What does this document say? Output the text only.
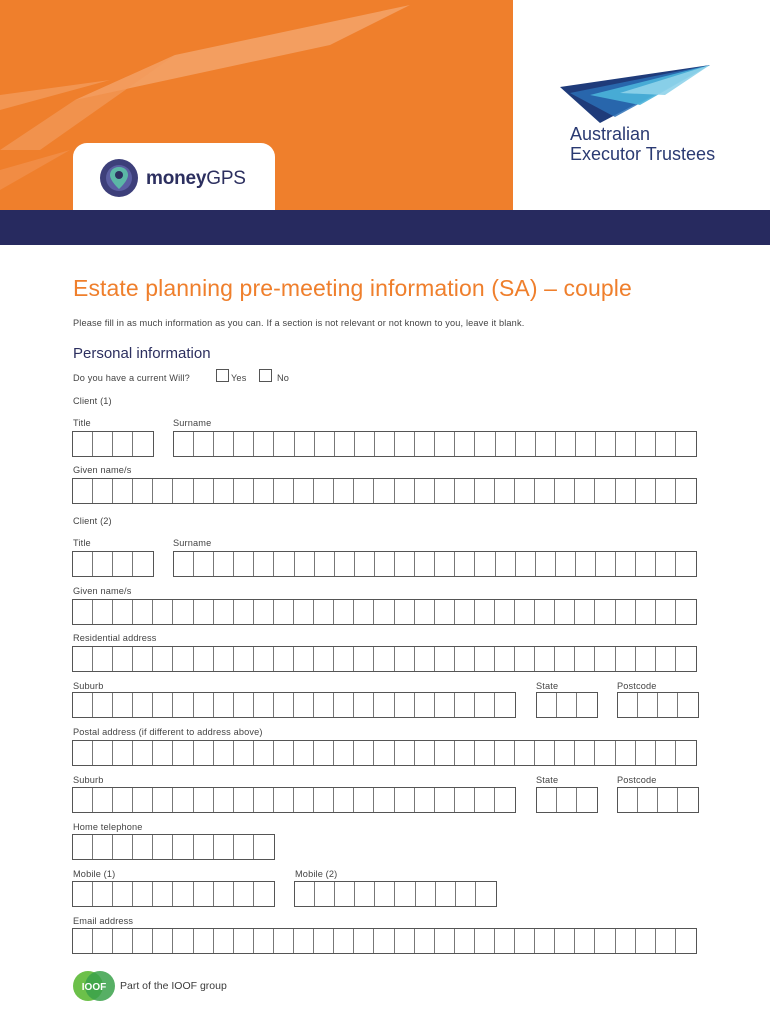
moneyGPS
Australian
Executor Trustees
Estate planning pre-meeting information (SA) – couple
Please fill in as much information as you can. If a section is not relevant or not known to you, leave it blank.
Personal information
Do you have a current Will?	Yes	No
Client (1)
Title	Surname
Given name/s
Client (2)
Title	Surname
Given name/s
Residential address
Suburb	State	Postcode
Postal address (if different to address above)
Suburb	State	Postcode
Home telephone
Mobile (1)	Mobile (2)
Email address
IOOF Part of the IOOF group
